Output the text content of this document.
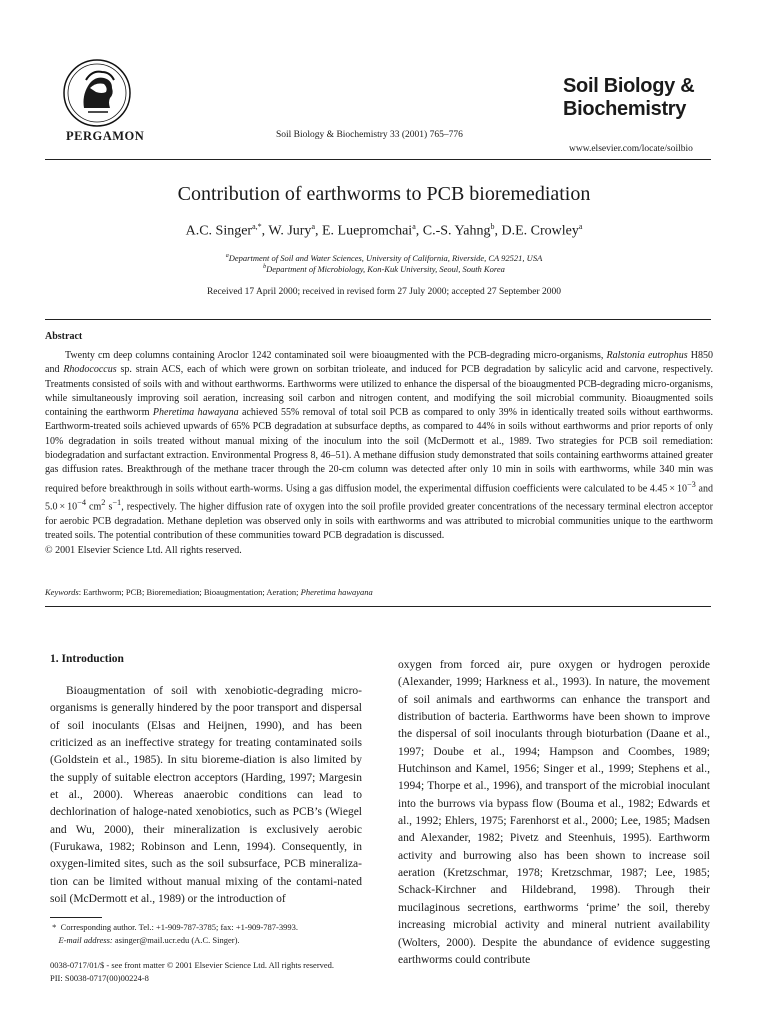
PERGAMON	Soil Biology & Biochemistry 33 (2001) 765–776
Soil Biology &
Biochemistry
www.elsevier.com/locate/soilbio
Contribution of earthworms to PCB bioremediation
A.C. Singer$^{a,*}$, W. Jury$^a$, E. Luepromchai$^a$, C.-S. Yahng$^b$, D.E. Crowley$^a$
$^a$Department of Soil and Water Sciences, University of California, Riverside, CA 92521, USA
$^b$Department of Microbiology, Kon-Kuk University, Seoul, South Korea
Received 17 April 2000; received in revised form 27 July 2000; accepted 27 September 2000
Abstract

Twenty cm deep columns containing Aroclor 1242 contaminated soil were bioaugmented with the PCB-degrading micro-organisms, Ralstonia eutrophus H850 and Rhodococcus sp. strain ACS, each of which were grown on sorbitan trioleate, and induced for PCB degradation by salicylic acid and carvone, respectively. Treatments consisted of soils with and without earthworms. Earthworms were utilized to enhance the dispersal of the bioaugmented PCB-degrading micro-organisms, while simultaneously improving soil aeration, increasing soil carbon and nitrogen content, and modifying the soil microbial community. Bioaugmented soils containing the earthworm Pheretima hawayana achieved 55% removal of total soil PCB as compared to only 39% in identically treated soils without earthworms. Earthworm-treated soils achieved upwards of 65% PCB degradation at subsurface depths, as compared to 44% in soils without earthworms and prior reports of only 10% degradation in soils treated without manual mixing of the inoculum into the soil (McDermott et al., 1989. Two strategies for PCB soil remediation: biodegradation and surfactant extraction. Environmental Progress 8, 46–51). A methane diffusion study demonstrated that soils containing earthworms attained greater gas diffusion rates. Breakthrough of the methane tracer through the 20-cm column was detected after only 10 min in soils with earthworms, while 340 min was required before breakthrough in soils without earth-worms. Using a gas diffusion model, the experimental diffusion coefficients were calculated to be $4.45 \times 10^{-3}$ and $5.0 \times 10^{-4}$ $cm^2$ $s^{-1}$, respectively. The higher diffusion rate of oxygen into the soil profile provided greater concentrations of the necessary terminal electron acceptor for aerobic PCB degradation. Methane depletion was observed only in soils with earthworms and was attributed to microbial communities unique to the earthworm treated soils. The potential contribution of these communities toward PCB degradation is discussed.

© 2001 Elsevier Science Ltd. All rights reserved.

Keywords: Earthworm; PCB; Bioremediation; Bioaugmentation; Aeration; Pheretima hawayana
1. Introduction

Bioaugmentation of soil with xenobiotic-degrading micro-organisms is generally hindered by the poor transport and dispersal of soil inoculants (Elsas and Heijnen, 1990), and has been criticized as an ineffective strategy for treating contaminated soils (Goldstein et al., 1985). In situ bioreme-diation is also limited by the supply of suitable electron acceptors (Harding, 1997; Margesin et al., 2000). Whereas anaerobic conditions can lead to dechlorination of haloge-nated xenobiotics, such as PCB’s (Wiegel and Wu, 2000), their mineralization is exclusively aerobic (Furukawa, 1982; Robinson and Lenn, 1994). Consequently, in oxygen-limited sites, such as the soil subsurface, PCB mineraliza-tion can be limited without manual mixing of the contami-nated soil (McDermott et al., 1989) or the introduction of

oxygen from forced air, pure oxygen or hydrogen peroxide (Alexander, 1999; Harkness et al., 1993). In nature, the movement of soil animals and earthworms can enhance the transport and distribution of bacteria. Earthworms have been shown to improve the dispersal of soil inoculants through bioturbation (Daane et al., 1997; Doube et al., 1994; Hampson and Coombes, 1989; Hutchinson and Kamel, 1956; Singer et al., 1999; Stephens et al., 1994; Thorpe et al., 1996), and transport of the microbial inoculant into the burrows via bypass flow (Bouma et al., 1982; Edwards et al., 1992; Ehlers, 1975; Farenhorst et al., 2000; Lee, 1985; Madsen and Alexander, 1982; Pivetz and Steenhuis, 1995). Earthworm activity and burrowing also has been shown to increase soil aeration (Kretzschmar, 1978; Kretzschmar, 1987; Lee, 1985; Schack-Kirchner and Hildebrand, 1998). Through their mucilaginous secretions, earthworms ‘prime’ the soil, thereby increasing microbial activity and mineral nutrient availability (Wolters, 2000). Despite the abundance of evidence suggesting earthworms could contribute

* Corresponding author. Tel.: +1-909-787-3785; fax: +1-909-787-3993.
E-mail address: asinger@mail.ucr.edu (A.C. Singer).
0038-0717/01/$ - see front matter © 2001 Elsevier Science Ltd. All rights reserved.
PII: S0038-0717(00)00224-8
